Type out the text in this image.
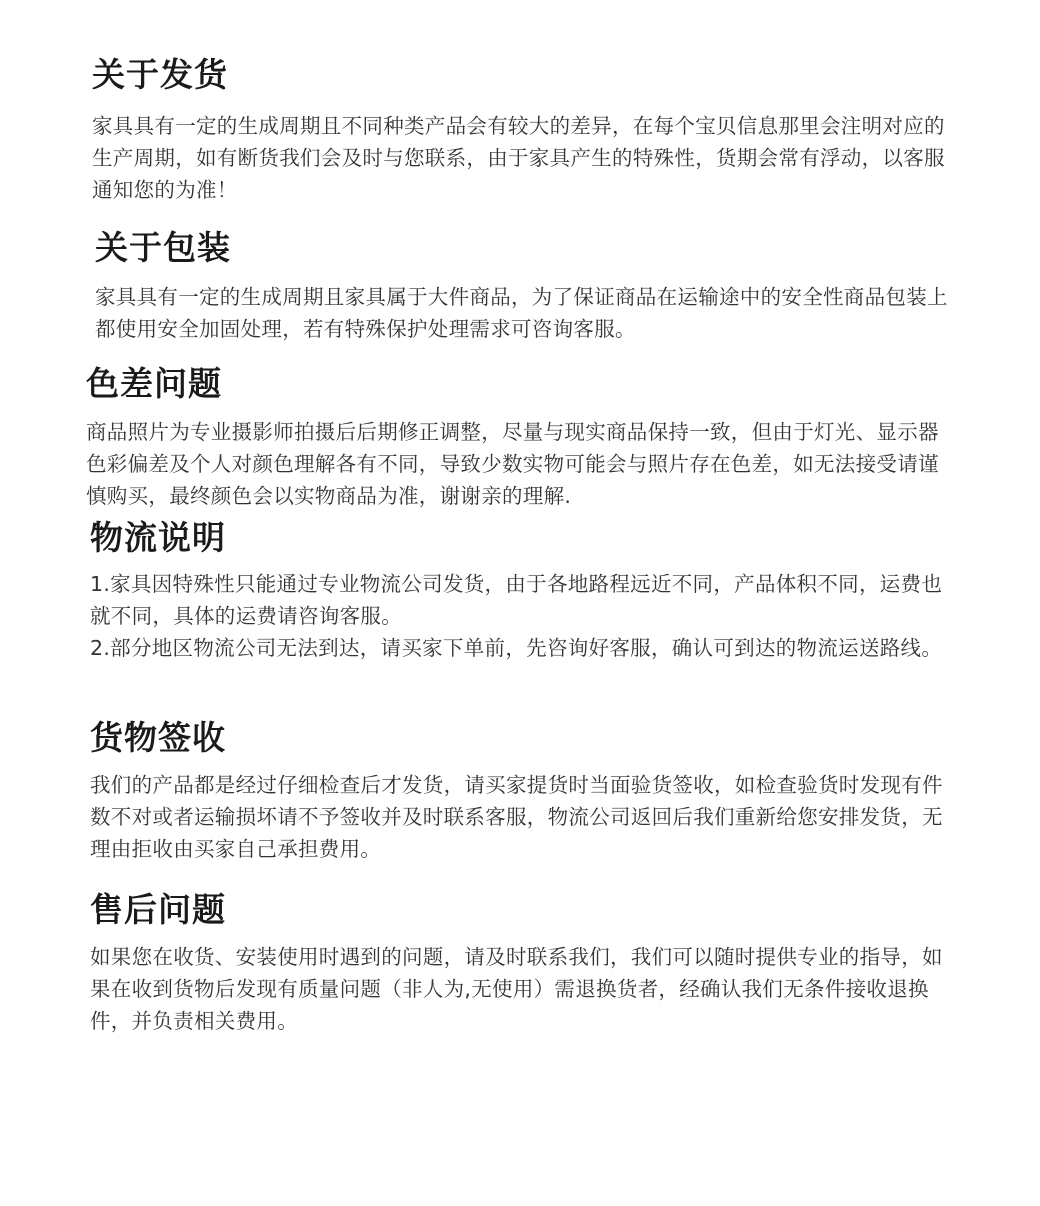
关于发货

家具具有一定的生成周期且不同种类产品会有较大的差异，在每个宝贝信息那里会注明对应的生产周期，如有断货我们会及时与您联系，由于家具产生的特殊性，货期会常有浮动，以客服通知您的为准！

关于包装

家具具有一定的生成周期且家具属于大件商品，为了保证商品在运输途中的安全性商品包装上都使用安全加固处理，若有特殊保护处理需求可咨询客服。

色差问题

商品照片为专业摄影师拍摄后后期修正调整，尽量与现实商品保持一致，但由于灯光、显示器色彩偏差及个人对颜色理解各有不同，导致少数实物可能会与照片存在色差，如无法接受请谨慎购买，最终颜色会以实物商品为准，谢谢亲的理解.

物流说明

1.家具因特殊性只能通过专业物流公司发货，由于各地路程远近不同，产品体积不同，运费也就不同，具体的运费请咨询客服。

2.部分地区物流公司无法到达，请买家下单前，先咨询好客服，确认可到达的物流运送路线。

货物签收

我们的产品都是经过仔细检查后才发货，请买家提货时当面验货签收，如检查验货时发现有件数不对或者运输损坏请不予签收并及时联系客服，物流公司返回后我们重新给您安排发货，无理由拒收由买家自己承担费用。

售后问题

如果您在收货、安装使用时遇到的问题，请及时联系我们，我们可以随时提供专业的指导，如果在收到货物后发现有质量问题（非人为,无使用）需退换货者，经确认我们无条件接收退换件，并负责相关费用。
